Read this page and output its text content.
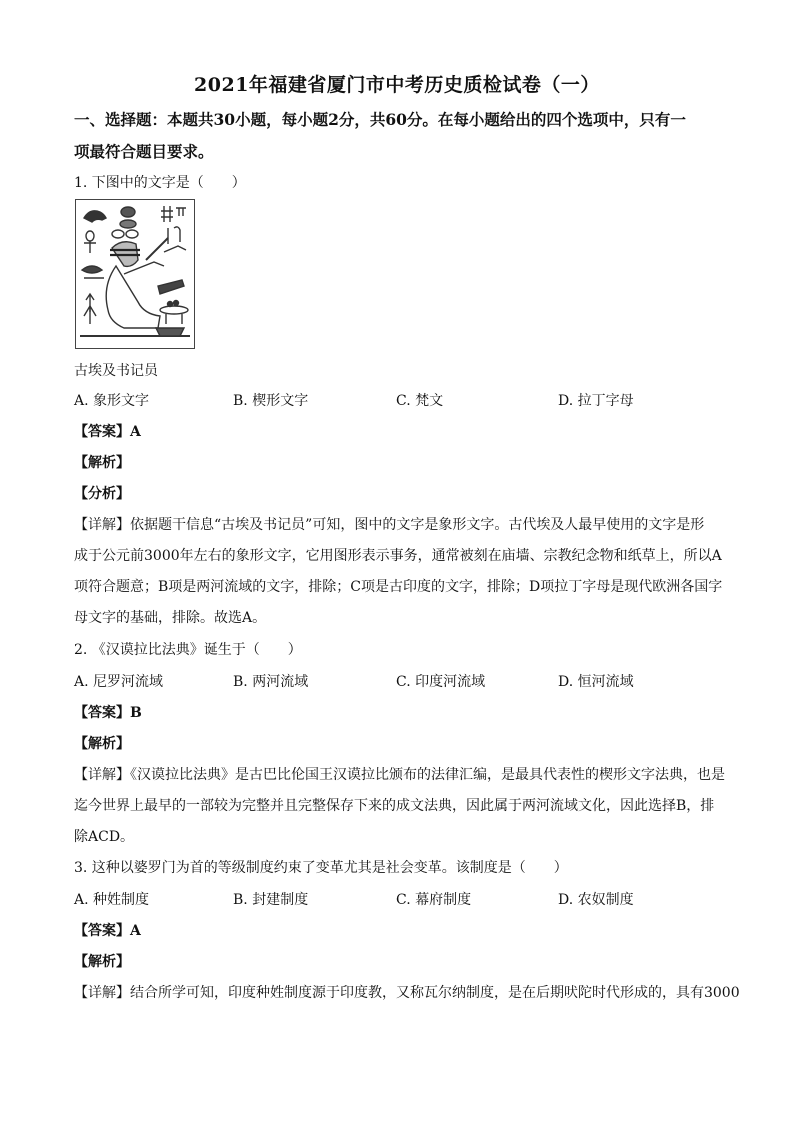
2021年福建省厦门市中考历史质检试卷（一）
一、选择题：本题共30小题，每小题2分，共60分。在每小题给出的四个选项中，只有一
项最符合题目要求。
1. 下图中的文字是（　　）
古埃及书记员
A. 象形文字	B. 楔形文字	C. 梵文	D. 拉丁字母
【答案】A
【解析】
【分析】
【详解】依据题干信息“古埃及书记员”可知，图中的文字是象形文字。古代埃及人最早使用的文字是形
成于公元前3000年左右的象形文字，它用图形表示事务，通常被刻在庙墙、宗教纪念物和纸草上，所以A
项符合题意；B项是两河流域的文字，排除；C项是古印度的文字，排除；D项拉丁字母是现代欧洲各国字
母文字的基础，排除。故选A。
2. 《汉谟拉比法典》诞生于（　　）
A. 尼罗河流域	B. 两河流域	C. 印度河流域	D. 恒河流域
【答案】B
【解析】
【详解】《汉谟拉比法典》是古巴比伦国王汉谟拉比颁布的法律汇编，是最具代表性的楔形文字法典，也是
迄今世界上最早的一部较为完整并且完整保存下来的成文法典，因此属于两河流域文化，因此选择B，排
除ACD。
3. 这种以婆罗门为首的等级制度约束了变革尤其是社会变革。该制度是（　　）
A. 种姓制度	B. 封建制度	C. 幕府制度	D. 农奴制度
【答案】A
【解析】
【详解】结合所学可知，印度种姓制度源于印度教，又称瓦尔纳制度，是在后期吠陀时代形成的，具有3000
